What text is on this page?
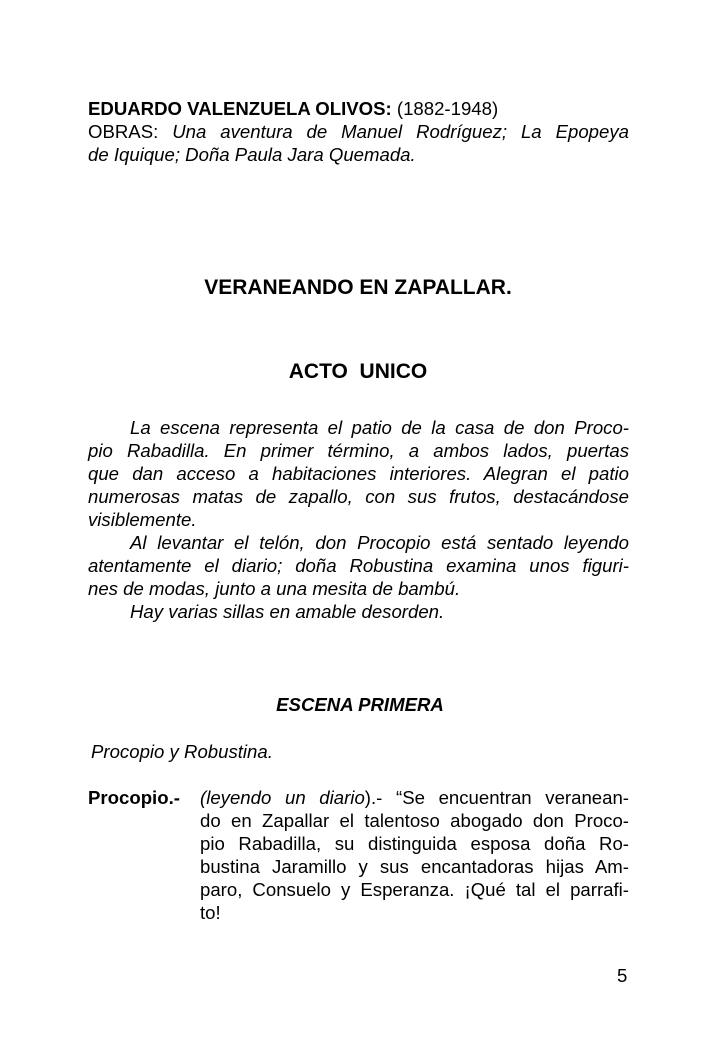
EDUARDO VALENZUELA OLIVOS: (1882-1948)
OBRAS: Una aventura de Manuel Rodríguez; La Epopeya
de Iquique; Doña Paula Jara Quemada.
VERANEANDO EN ZAPALLAR.
ACTO  UNICO
La escena representa el patio de la casa de don Proco-
pio Rabadilla. En primer término, a ambos lados, puertas
que dan acceso a habitaciones interiores. Alegran el patio
numerosas matas de zapallo, con sus frutos, destacándose
visiblemente.
Al levantar el telón, don Procopio está sentado leyendo
atentamente el diario; doña Robustina examina unos figuri-
nes de modas, junto a una mesita de bambú.
Hay varias sillas en amable desorden.
ESCENA PRIMERA
Procopio y Robustina.
Procopio.- (leyendo un diario).- “Se encuentran veranean-
do en Zapallar el talentoso abogado don Proco-
pio Rabadilla, su distinguida esposa doña Ro-
bustina Jaramillo y sus encantadoras hijas Am-
paro, Consuelo y Esperanza. ¡Qué tal el parrafi-
to!
5
